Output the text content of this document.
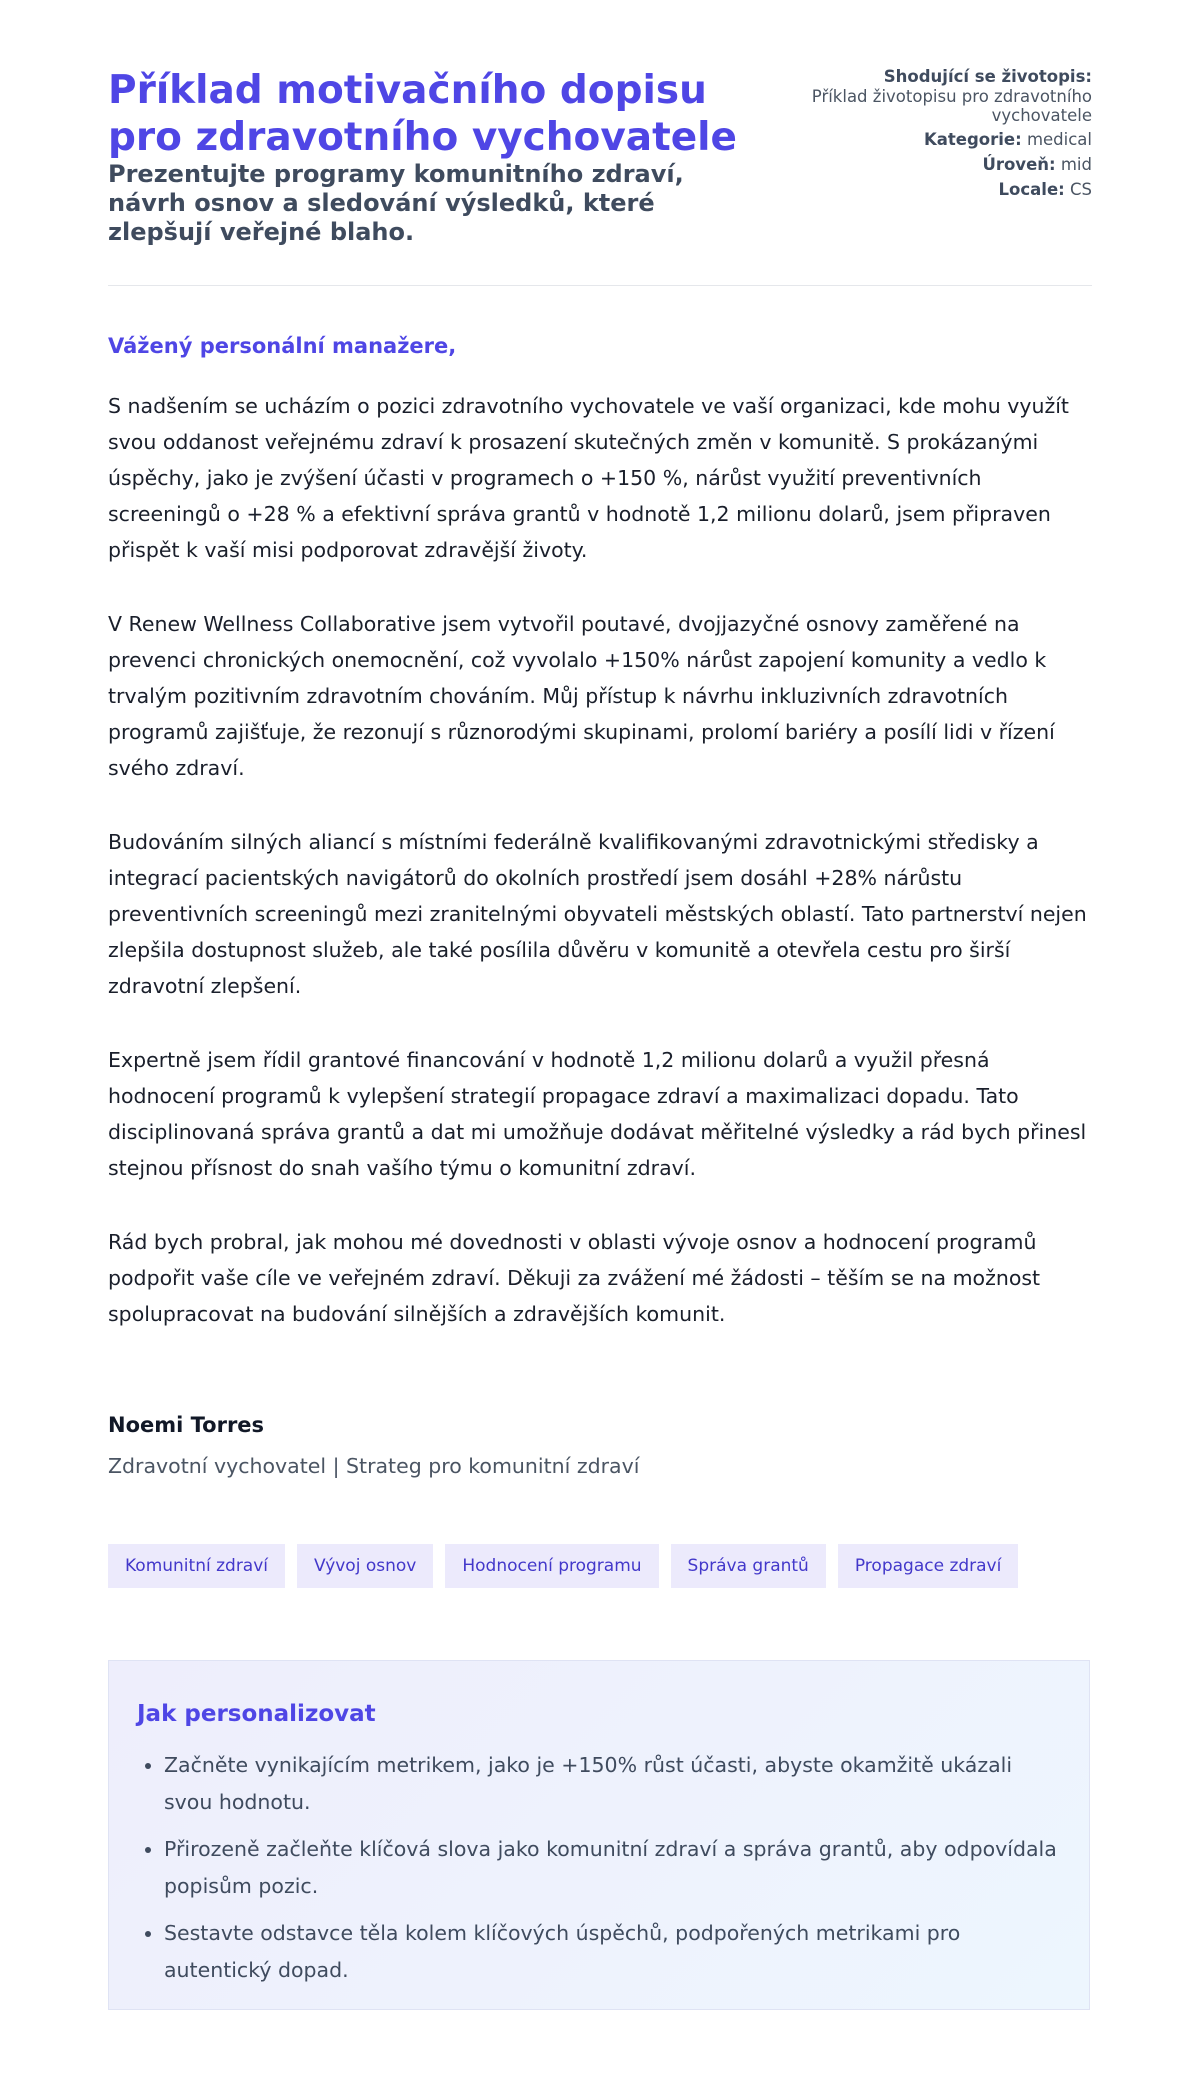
Příklad motivačního dopisu pro zdravotního vychovatele
Prezentujte programy komunitního zdraví, návrh osnov a sledování výsledků, které zlepšují veřejné blaho.
Shodující se životopis:
Příklad životopisu pro zdravotního vychovatele
Kategorie: medical
Úroveň: mid
Locale: CS

Vážený personální manažere,

S nadšením se ucházím o pozici zdravotního vychovatele ve vaší organizaci, kde mohu využít svou oddanost veřejnému zdraví k prosazení skutečných změn v komunitě. S prokázanými úspěchy, jako je zvýšení účasti v programech o +150 %, nárůst využití preventivních screeningů o +28 % a efektivní správa grantů v hodnotě 1,2 milionu dolarů, jsem připraven přispět k vaší misi podporovat zdravější životy.

V Renew Wellness Collaborative jsem vytvořil poutavé, dvojjazyčné osnovy zaměřené na prevenci chronických onemocnění, což vyvolalo +150% nárůst zapojení komunity a vedlo k trvalým pozitivním zdravotním chováním. Můj přístup k návrhu inkluzivních zdravotních programů zajišťuje, že rezonují s různorodými skupinami, prolomí bariéry a posílí lidi v řízení svého zdraví.

Budováním silných aliancí s místními federálně kvalifikovanými zdravotnickými středisky a integrací pacientských navigátorů do okolních prostředí jsem dosáhl +28% nárůstu preventivních screeningů mezi zranitelnými obyvateli městských oblastí. Tato partnerství nejen zlepšila dostupnost služeb, ale také posílila důvěru v komunitě a otevřela cestu pro širší zdravotní zlepšení.

Expertně jsem řídil grantové financování v hodnotě 1,2 milionu dolarů a využil přesná hodnocení programů k vylepšení strategií propagace zdraví a maximalizaci dopadu. Tato disciplinovaná správa grantů a dat mi umožňuje dodávat měřitelné výsledky a rád bych přinesl stejnou přísnost do snah vašího týmu o komunitní zdraví.

Rád bych probral, jak mohou mé dovednosti v oblasti vývoje osnov a hodnocení programů podpořit vaše cíle ve veřejném zdraví. Děkuji za zvážení mé žádosti – těším se na možnost spolupracovat na budování silnějších a zdravějších komunit.

Noemi Torres
Zdravotní vychovatel | Strateg pro komunitní zdraví
Komunitní zdraví	Vývoj osnov	Hodnocení programu	Správa grantů	Propagace zdraví
Jak personalizovat
• Začněte vynikajícím metrikem, jako je +150% růst účasti, abyste okamžitě ukázali svou hodnotu.
• Přirozeně začleňte klíčová slova jako komunitní zdraví a správa grantů, aby odpovídala popisům pozic.
• Sestavte odstavce těla kolem klíčových úspěchů, podpořených metrikami pro autentický dopad.
